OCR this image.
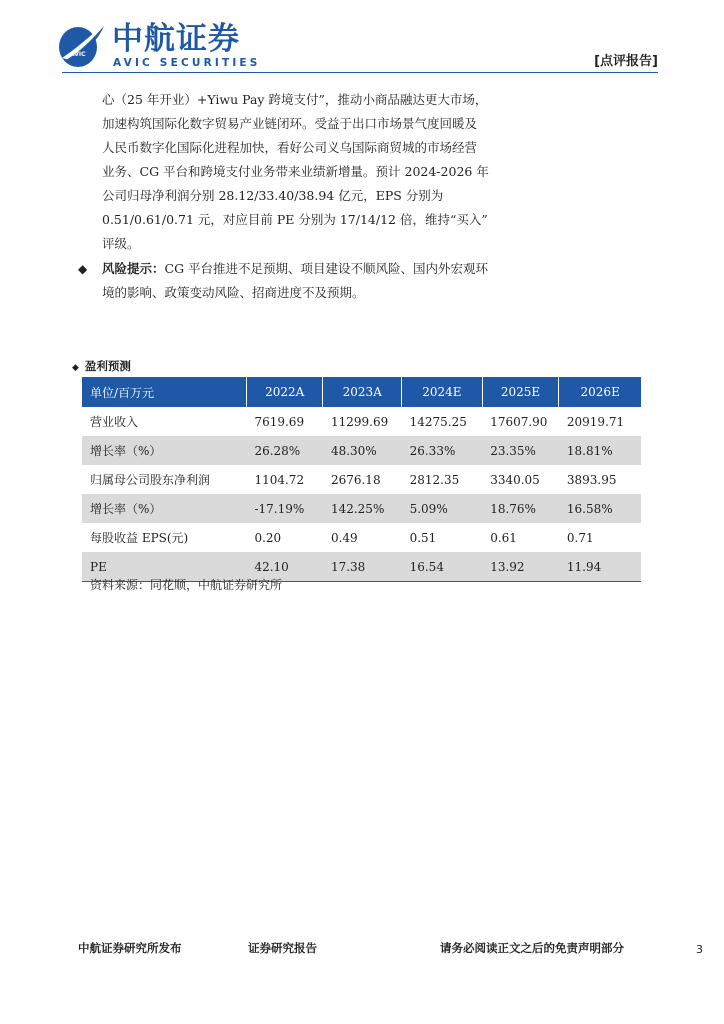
AVIC 中航证券
AVIC SECURITIES	[点评报告]

心（25 年开业）+Yiwu Pay 跨境支付”，推动小商品融达更大市场，

加速构筑国际化数字贸易产业链闭环。受益于出口市场景气度回暖及

人民币数字化国际化进程加快，看好公司义乌国际商贸城的市场经营

业务、CG 平台和跨境支付业务带来业绩新增量。预计 2024-2026 年

公司归母净利润分别 28.12/33.40/38.94 亿元，EPS 分别为

0.51/0.61/0.71 元，对应目前 PE 分别为 17/14/12 倍，维持“买入”

评级。

◆	风险提示：CG 平台推进不足预期、项目建设不顺风险、国内外宏观环
境的影响、政策变动风险、招商进度不及预期。

◆ 盈利预测
单位/百万元	2022A	2023A	2024E	2025E	2026E
营业收入	7619.69	11299.69	14275.25	17607.90	20919.71
增长率（%）	26.28%	48.30%	26.33%	23.35%	18.81%
归属母公司股东净利润	1104.72	2676.18	2812.35	3340.05	3893.95
增长率（%）	-17.19%	142.25%	5.09%	18.76%	16.58%
每股收益 EPS(元)	0.20	0.49	0.51	0.61	0.71
PE	42.10	17.38	16.54	13.92	11.94
资料来源：同花顺，中航证券研究所
中航证券研究所发布	证券研究报告	请务必阅读正文之后的免责声明部分	3
